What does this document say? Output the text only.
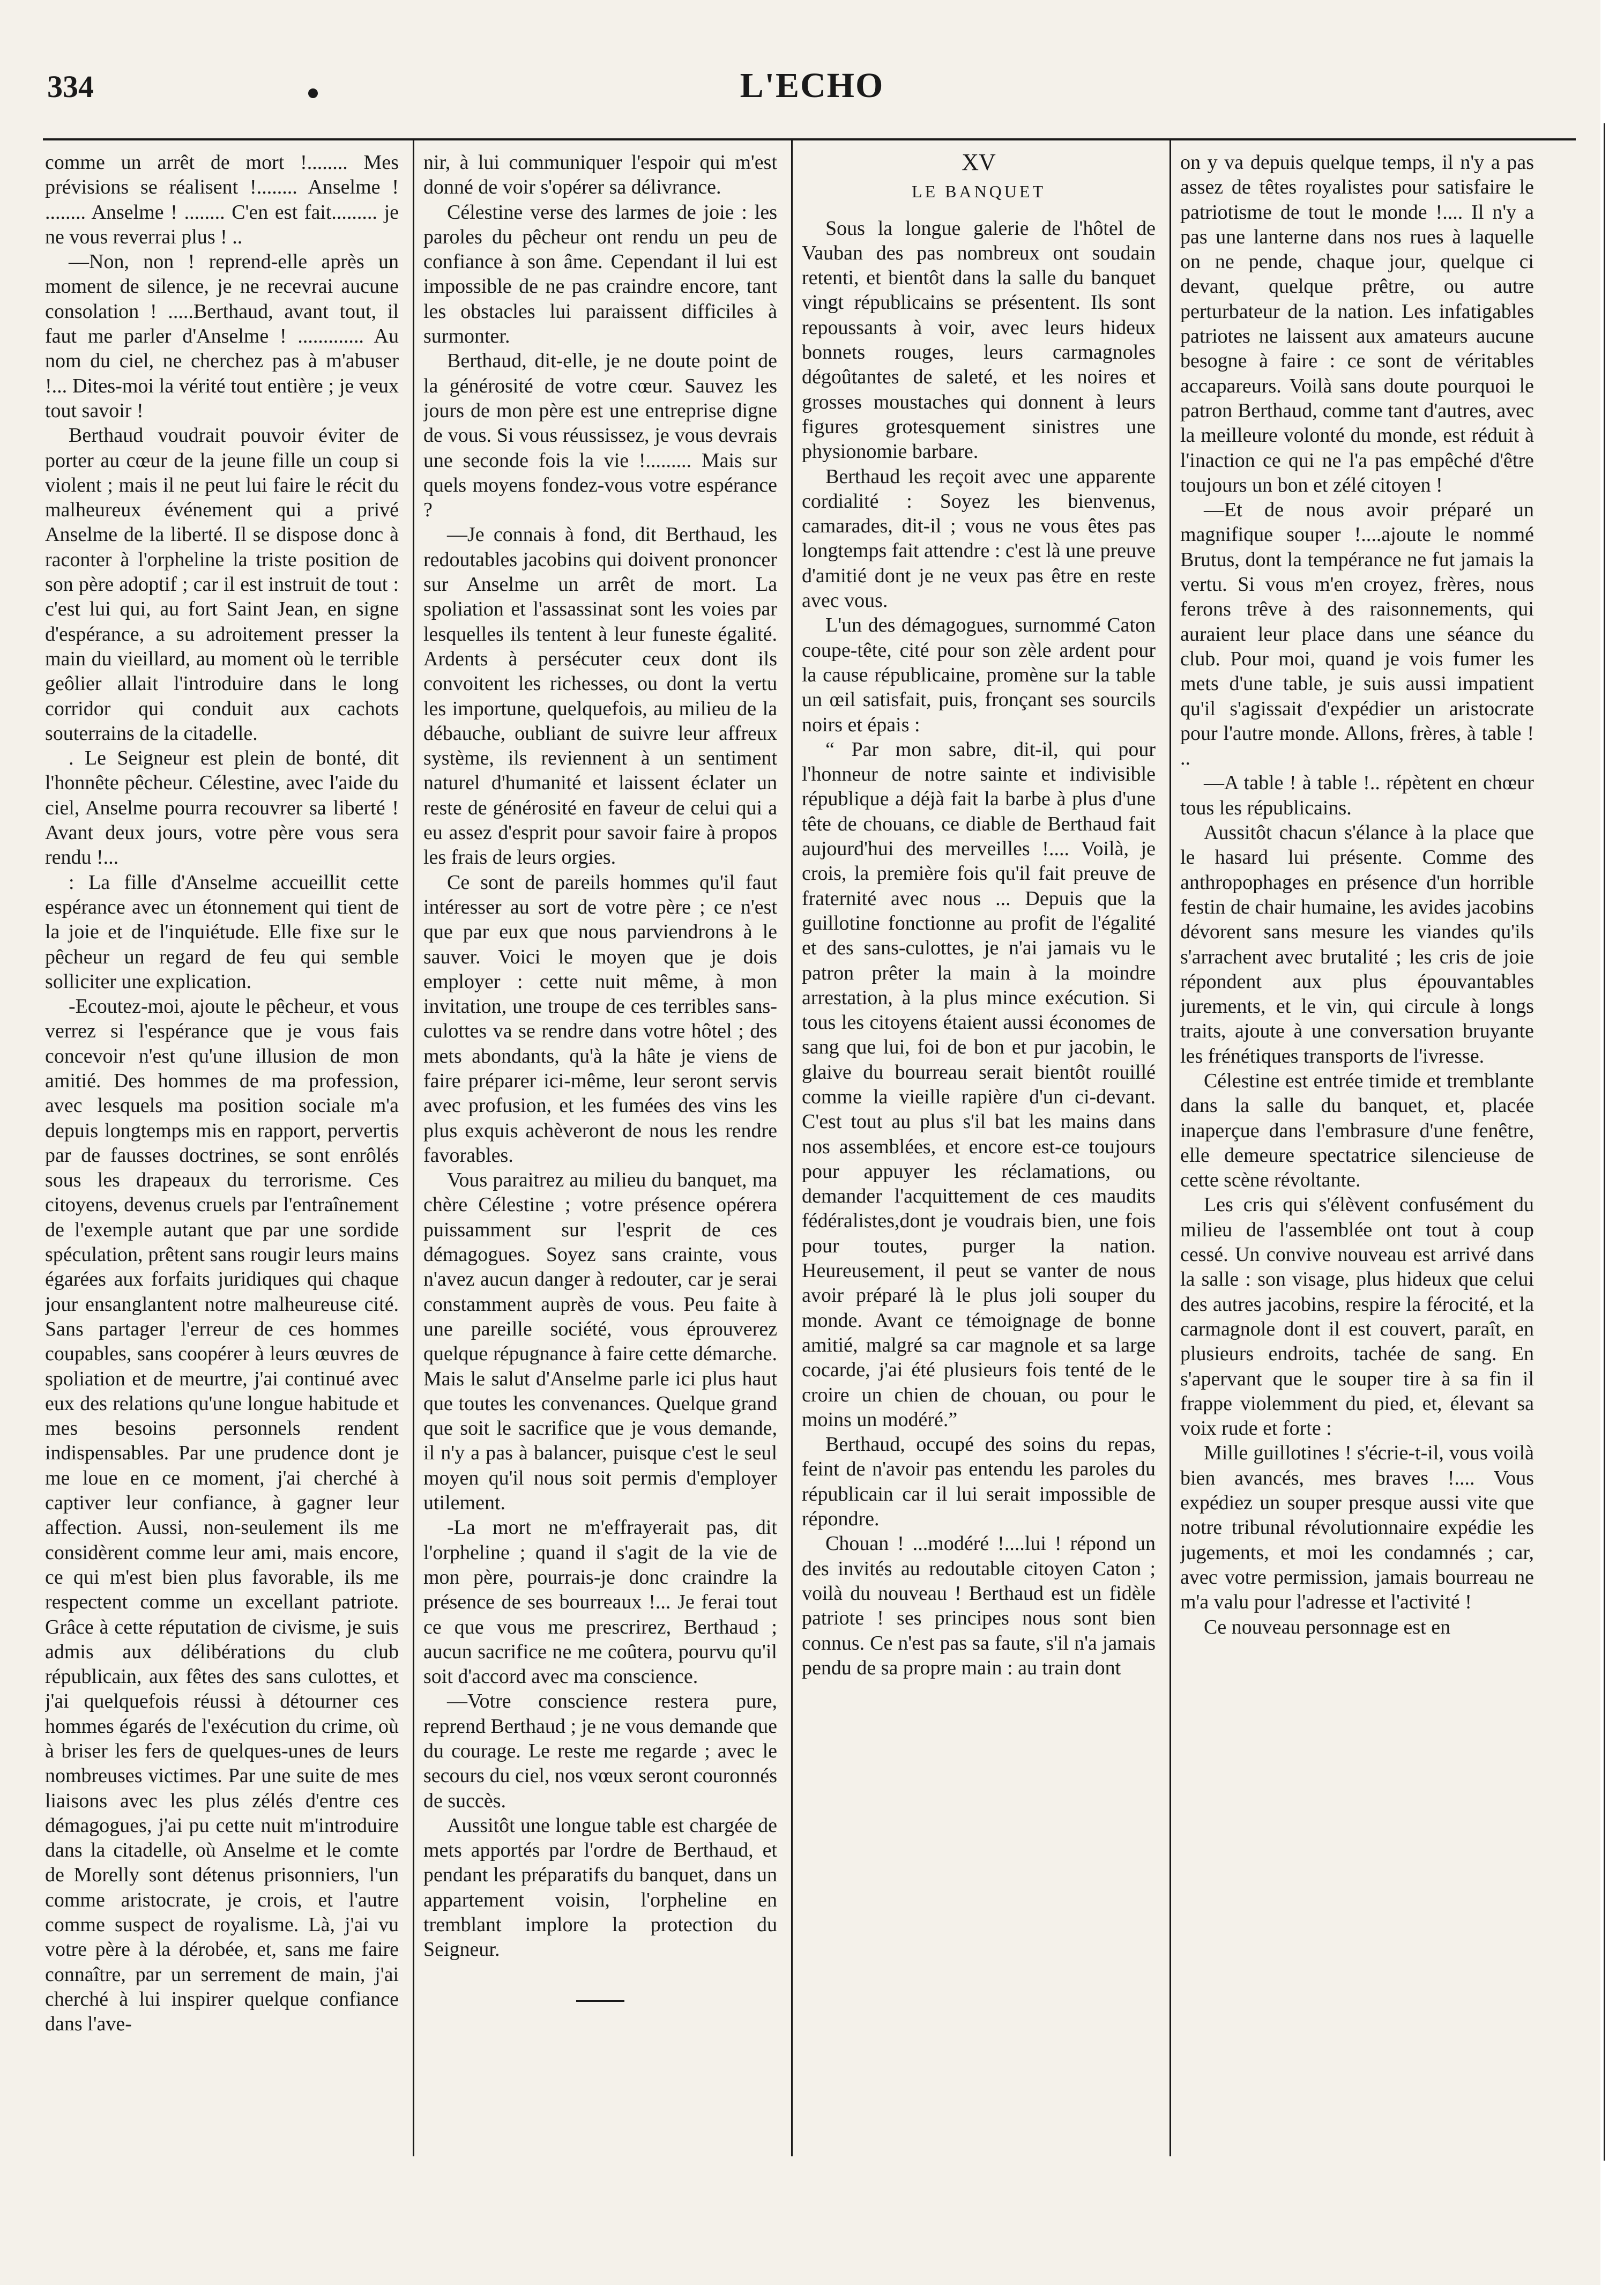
334	L'ECHO

comme un arrêt de mort !........ Mes prévisions se réalisent !........ Anselme ! ........ Anselme ! ........ C'en est fait......... je ne vous reverrai plus ! ..

—Non, non ! reprend-elle après un moment de silence, je ne recevrai aucune consolation ! .....Berthaud, avant tout, il faut me parler d'Anselme ! ............. Au nom du ciel, ne cherchez pas à m'abuser !... Dites-moi la vérité tout entière ; je veux tout savoir !

Berthaud voudrait pouvoir éviter de porter au cœur de la jeune fille un coup si violent ; mais il ne peut lui faire le récit du malheureux événement qui a privé Anselme de la liberté. Il se dispose donc à raconter à l'orpheline la triste position de son père adoptif ; car il est instruit de tout : c'est lui qui, au fort Saint Jean, en signe d'espérance, a su adroitement presser la main du vieillard, au moment où le terrible geôlier allait l'introduire dans le long corridor qui conduit aux cachots souterrains de la citadelle.

. Le Seigneur est plein de bonté, dit l'honnête pêcheur. Célestine, avec l'aide du ciel, Anselme pourra recouvrer sa liberté ! Avant deux jours, votre père vous sera rendu !...

: La fille d'Anselme accueillit cette espérance avec un étonnement qui tient de la joie et de l'inquiétude. Elle fixe sur le pêcheur un regard de feu qui semble solliciter une explication.

-Ecoutez-moi, ajoute le pêcheur, et vous verrez si l'espérance que je vous fais concevoir n'est qu'une illusion de mon amitié. Des hommes de ma profession, avec lesquels ma position sociale m'a depuis longtemps mis en rapport, pervertis par de fausses doctrines, se sont enrôlés sous les drapeaux du terrorisme. Ces citoyens, devenus cruels par l'entraînement de l'exemple autant que par une sordide spéculation, prêtent sans rougir leurs mains égarées aux forfaits juridiques qui chaque jour ensanglantent notre malheureuse cité. Sans partager l'erreur de ces hommes coupables, sans coopérer à leurs œuvres de spoliation et de meurtre, j'ai continué avec eux des relations qu'une longue habitude et mes besoins personnels rendent indispensables. Par une prudence dont je me loue en ce moment, j'ai cherché à captiver leur confiance, à gagner leur affection. Aussi, non-seulement ils me considèrent comme leur ami, mais encore, ce qui m'est bien plus favorable, ils me respectent comme un excellant patriote. Grâce à cette réputation de civisme, je suis admis aux délibérations du club républicain, aux fêtes des sans culottes, et j'ai quelquefois réussi à détourner ces hommes égarés de l'exécution du crime, où à briser les fers de quelques-unes de leurs nombreuses victimes. Par une suite de mes liaisons avec les plus zélés d'entre ces démagogues, j'ai pu cette nuit m'introduire dans la citadelle, où Anselme et le comte de Morelly sont détenus prisonniers, l'un comme aristocrate, je crois, et l'autre comme suspect de royalisme. Là, j'ai vu votre père à la dérobée, et, sans me faire connaître, par un serrement de main, j'ai cherché à lui inspirer quelque confiance dans l'ave-

nir, à lui communiquer l'espoir qui m'est donné de voir s'opérer sa délivrance.

Célestine verse des larmes de joie : les paroles du pêcheur ont rendu un peu de confiance à son âme. Cependant il lui est impossible de ne pas craindre encore, tant les obstacles lui paraissent difficiles à surmonter.

Berthaud, dit-elle, je ne doute point de la générosité de votre cœur. Sauvez les jours de mon père est une entreprise digne de vous. Si vous réussissez, je vous devrais une seconde fois la vie !......... Mais sur quels moyens fondez-vous votre espérance ?

—Je connais à fond, dit Berthaud, les redoutables jacobins qui doivent prononcer sur Anselme un arrêt de mort. La spoliation et l'assassinat sont les voies par lesquelles ils tentent à leur funeste égalité. Ardents à persécuter ceux dont ils convoitent les richesses, ou dont la vertu les importune, quelquefois, au milieu de la débauche, oubliant de suivre leur affreux système, ils reviennent à un sentiment naturel d'humanité et laissent éclater un reste de générosité en faveur de celui qui a eu assez d'esprit pour savoir faire à propos les frais de leurs orgies.

Ce sont de pareils hommes qu'il faut intéresser au sort de votre père ; ce n'est que par eux que nous parviendrons à le sauver. Voici le moyen que je dois employer : cette nuit même, à mon invitation, une troupe de ces terribles sans-culottes va se rendre dans votre hôtel ; des mets abondants, qu'à la hâte je viens de faire préparer ici-même, leur seront servis avec profusion, et les fumées des vins les plus exquis achèveront de nous les rendre favorables.

Vous paraitrez au milieu du banquet, ma chère Célestine ; votre présence opérera puissamment sur l'esprit de ces démagogues. Soyez sans crainte, vous n'avez aucun danger à redouter, car je serai constamment auprès de vous. Peu faite à une pareille société, vous éprouverez quelque répugnance à faire cette démarche. Mais le salut d'Anselme parle ici plus haut que toutes les convenances. Quelque grand que soit le sacrifice que je vous demande, il n'y a pas à balancer, puisque c'est le seul moyen qu'il nous soit permis d'employer utilement.

-La mort ne m'effrayerait pas, dit l'orpheline ; quand il s'agit de la vie de mon père, pourrais-je donc craindre la présence de ses bourreaux !... Je ferai tout ce que vous me prescrirez, Berthaud ; aucun sacrifice ne me coûtera, pourvu qu'il soit d'accord avec ma conscience.

—Votre conscience restera pure, reprend Berthaud ; je ne vous demande que du courage. Le reste me regarde ; avec le secours du ciel, nos vœux seront couronnés de succès.

Aussitôt une longue table est chargée de mets apportés par l'ordre de Berthaud, et pendant les préparatifs du banquet, dans un appartement voisin, l'orpheline en tremblant implore la protection du Seigneur.

XV
LE BANQUET

Sous la longue galerie de l'hôtel de Vauban des pas nombreux ont soudain retenti, et bientôt dans la salle du banquet vingt républicains se présentent. Ils sont repoussants à voir, avec leurs hideux bonnets rouges, leurs carmagnoles dégoûtantes de saleté, et les noires et grosses moustaches qui donnent à leurs figures grotesquement sinistres une physionomie barbare.

Berthaud les reçoit avec une apparente cordialité : Soyez les bienvenus, camarades, dit-il ; vous ne vous êtes pas longtemps fait attendre : c'est là une preuve d'amitié dont je ne veux pas être en reste avec vous.

L'un des démagogues, surnommé Caton coupe-tête, cité pour son zèle ardent pour la cause républicaine, promène sur la table un œil satisfait, puis, fronçant ses sourcils noirs et épais :

“ Par mon sabre, dit-il, qui pour l'honneur de notre sainte et indivisible république a déjà fait la barbe à plus d'une tête de chouans, ce diable de Berthaud fait aujourd'hui des merveilles !.... Voilà, je crois, la première fois qu'il fait preuve de fraternité avec nous ... Depuis que la guillotine fonctionne au profit de l'égalité et des sans-culottes, je n'ai jamais vu le patron prêter la main à la moindre arrestation, à la plus mince exécution. Si tous les citoyens étaient aussi économes de sang que lui, foi de bon et pur jacobin, le glaive du bourreau serait bientôt rouillé comme la vieille rapière d'un ci-devant. C'est tout au plus s'il bat les mains dans nos assemblées, et encore est-ce toujours pour appuyer les réclamations, ou demander l'acquittement de ces maudits fédéralistes,dont je voudrais bien, une fois pour toutes, purger la nation. Heureusement, il peut se vanter de nous avoir préparé là le plus joli souper du monde. Avant ce témoignage de bonne amitié, malgré sa car magnole et sa large cocarde, j'ai été plusieurs fois tenté de le croire un chien de chouan, ou pour le moins un modéré.”

Berthaud, occupé des soins du repas, feint de n'avoir pas entendu les paroles du républicain car il lui serait impossible de répondre.

Chouan ! ...modéré !....lui ! répond un des invités au redoutable citoyen Caton ; voilà du nouveau ! Berthaud est un fidèle patriote ! ses principes nous sont bien connus. Ce n'est pas sa faute, s'il n'a jamais pendu de sa propre main : au train dont

on y va depuis quelque temps, il n'y a pas assez de têtes royalistes pour satisfaire le patriotisme de tout le monde !.... Il n'y a pas une lanterne dans nos rues à laquelle on ne pende, chaque jour, quelque ci devant, quelque prêtre, ou autre perturbateur de la nation. Les infatigables patriotes ne laissent aux amateurs aucune besogne à faire : ce sont de véritables accapareurs. Voilà sans doute pourquoi le patron Berthaud, comme tant d'autres, avec la meilleure volonté du monde, est réduit à l'inaction ce qui ne l'a pas empêché d'être toujours un bon et zélé citoyen !

—Et de nous avoir préparé un magnifique souper !....ajoute le nommé Brutus, dont la tempérance ne fut jamais la vertu. Si vous m'en croyez, frères, nous ferons trêve à des raisonnements, qui auraient leur place dans une séance du club. Pour moi, quand je vois fumer les mets d'une table, je suis aussi impatient qu'il s'agissait d'expédier un aristocrate pour l'autre monde. Allons, frères, à table ! ..

—A table ! à table !.. répètent en chœur tous les républicains.

Aussitôt chacun s'élance à la place que le hasard lui présente. Comme des anthropophages en présence d'un horrible festin de chair humaine, les avides jacobins dévorent sans mesure les viandes qu'ils s'arrachent avec brutalité ; les cris de joie répondent aux plus épouvantables jurements, et le vin, qui circule à longs traits, ajoute à une conversation bruyante les frénétiques transports de l'ivresse.

Célestine est entrée timide et tremblante dans la salle du banquet, et, placée inaperçue dans l'embrasure d'une fenêtre, elle demeure spectatrice silencieuse de cette scène révoltante.

Les cris qui s'élèvent confusément du milieu de l'assemblée ont tout à coup cessé. Un convive nouveau est arrivé dans la salle : son visage, plus hideux que celui des autres jacobins, respire la férocité, et la carmagnole dont il est couvert, paraît, en plusieurs endroits, tachée de sang. En s'apervant que le souper tire à sa fin il frappe violemment du pied, et, élevant sa voix rude et forte :

Mille guillotines ! s'écrie-t-il, vous voilà bien avancés, mes braves !.... Vous expédiez un souper presque aussi vite que notre tribunal révolutionnaire expédie les jugements, et moi les condamnés ; car, avec votre permission, jamais bourreau ne m'a valu pour l'adresse et l'activité !

Ce nouveau personnage est en
